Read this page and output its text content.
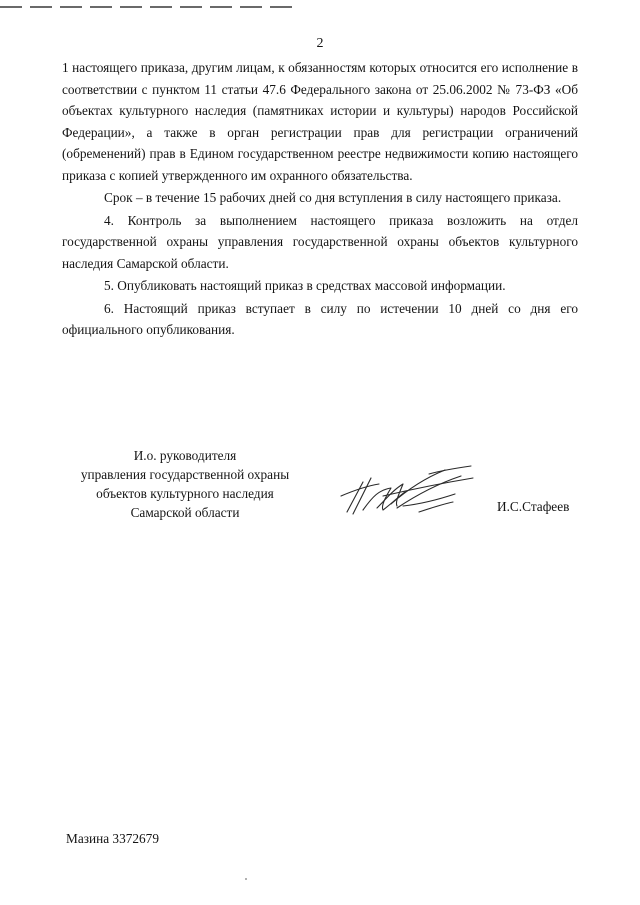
2

1 настоящего приказа, другим лицам, к обязанностям которых относится его исполнение в соответствии с пунктом 11 статьи 47.6 Федерального закона от 25.06.2002 № 73-ФЗ «Об объектах культурного наследия (памятниках истории и культуры) народов Российской Федерации», а также в орган регистрации прав для регистрации ограничений (обременений) прав в Едином государственном реестре недвижимости копию настоящего приказа с копией утвержденного им охранного обязательства.

Срок – в течение 15 рабочих дней со дня вступления в силу настоящего приказа.

4. Контроль за выполнением настоящего приказа возложить на отдел государственной охраны управления государственной охраны объектов культурного наследия Самарской области.

5. Опубликовать настоящий приказ в средствах массовой информации.

6. Настоящий приказ вступает в силу по истечении 10 дней со дня его официального опубликования.

И.о. руководителя
управления государственной охраны
объектов культурного наследия
Самарской области	И.С.Стафеев
Мазина 3372679
